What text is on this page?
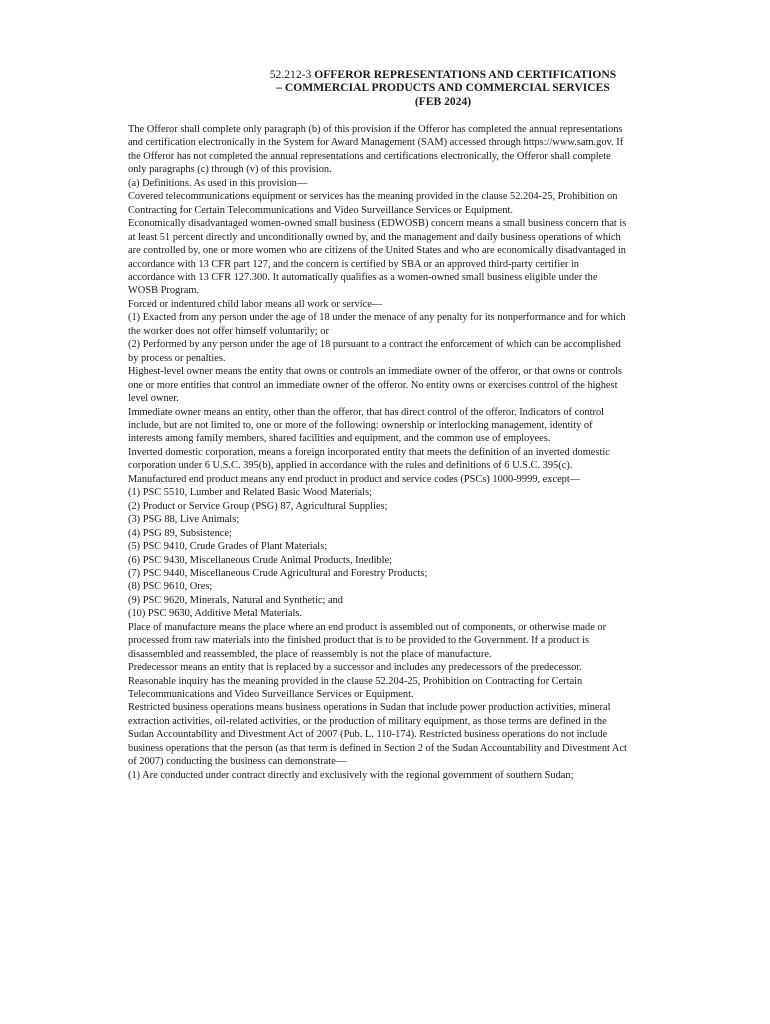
52.212-3 OFFEROR REPRESENTATIONS AND CERTIFICATIONS
– COMMERCIAL PRODUCTS AND COMMERCIAL SERVICES
(FEB 2024)

The Offeror shall complete only paragraph (b) of this provision if the Offeror has completed the annual representations and certification electronically in the System for Award Management (SAM) accessed through https://www.sam.gov. If the Offeror has not completed the annual representations and certifications electronically, the Offeror shall complete only paragraphs (c) through (v) of this provision.

(a) Definitions. As used in this provision—

Covered telecommunications equipment or services has the meaning provided in the clause 52.204-25, Prohibition on Contracting for Certain Telecommunications and Video Surveillance Services or Equipment.

Economically disadvantaged women-owned small business (EDWOSB) concern means a small business concern that is at least 51 percent directly and unconditionally owned by, and the management and daily business operations of which are controlled by, one or more women who are citizens of the United States and who are economically disadvantaged in accordance with 13 CFR part 127, and the concern is certified by SBA or an approved third-party certifier in accordance with 13 CFR 127.300. It automatically qualifies as a women-owned small business eligible under the WOSB Program.

Forced or indentured child labor means all work or service—

(1) Exacted from any person under the age of 18 under the menace of any penalty for its nonperformance and for which the worker does not offer himself voluntarily; or

(2) Performed by any person under the age of 18 pursuant to a contract the enforcement of which can be accomplished by process or penalties.

Highest-level owner means the entity that owns or controls an immediate owner of the offeror, or that owns or controls one or more entities that control an immediate owner of the offeror. No entity owns or exercises control of the highest level owner.

Immediate owner means an entity, other than the offeror, that has direct control of the offeror. Indicators of control include, but are not limited to, one or more of the following: ownership or interlocking management, identity of interests among family members, shared facilities and equipment, and the common use of employees.

Inverted domestic corporation, means a foreign incorporated entity that meets the definition of an inverted domestic corporation under 6 U.S.C. 395(b), applied in accordance with the rules and definitions of 6 U.S.C. 395(c).

Manufactured end product means any end product in product and service codes (PSCs) 1000-9999, except—

(1) PSC 5510, Lumber and Related Basic Wood Materials;

(2) Product or Service Group (PSG) 87, Agricultural Supplies;

(3) PSG 88, Live Animals;

(4) PSG 89, Subsistence;

(5) PSC 9410, Crude Grades of Plant Materials;

(6) PSC 9430, Miscellaneous Crude Animal Products, Inedible;

(7) PSC 9440, Miscellaneous Crude Agricultural and Forestry Products;

(8) PSC 9610, Ores;

(9) PSC 9620, Minerals, Natural and Synthetic; and

(10) PSC 9630, Additive Metal Materials.

Place of manufacture means the place where an end product is assembled out of components, or otherwise made or processed from raw materials into the finished product that is to be provided to the Government. If a product is disassembled and reassembled, the place of reassembly is not the place of manufacture.

Predecessor means an entity that is replaced by a successor and includes any predecessors of the predecessor.

Reasonable inquiry has the meaning provided in the clause 52.204-25, Prohibition on Contracting for Certain Telecommunications and Video Surveillance Services or Equipment.

Restricted business operations means business operations in Sudan that include power production activities, mineral extraction activities, oil-related activities, or the production of military equipment, as those terms are defined in the Sudan Accountability and Divestment Act of 2007 (Pub. L. 110-174). Restricted business operations do not include business operations that the person (as that term is defined in Section 2 of the Sudan Accountability and Divestment Act of 2007) conducting the business can demonstrate—

(1) Are conducted under contract directly and exclusively with the regional government of southern Sudan;
